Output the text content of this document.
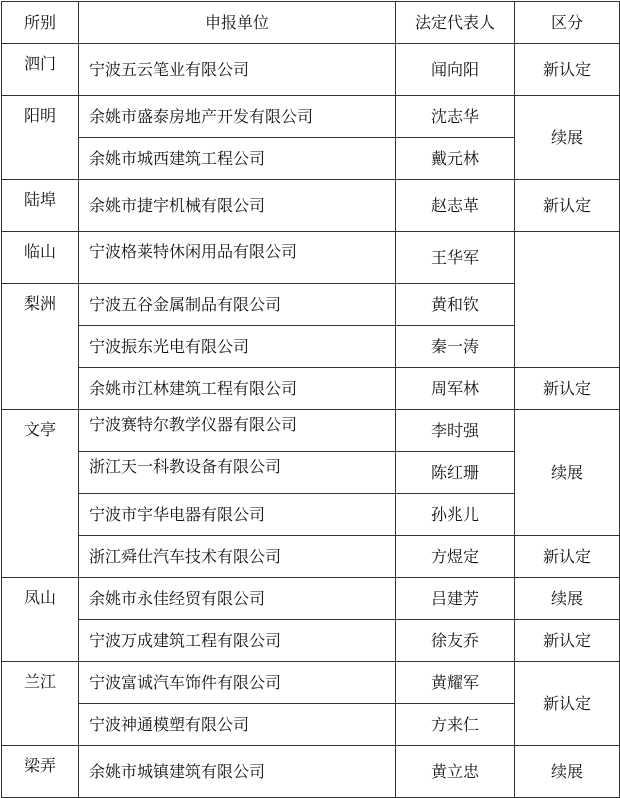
所别	申报单位	法定代表人	区分
泗门	宁波五云笔业有限公司	闻向阳	新认定
阳明	余姚市盛泰房地产开发有限公司	沈志华	续展
	余姚市城西建筑工程公司	戴元林	
陆埠	余姚市捷宇机械有限公司	赵志革	新认定
临山	宁波格莱特休闲用品有限公司	王华军	
梨洲	宁波五谷金属制品有限公司	黄和钦	
	宁波振东光电有限公司	秦一涛	
	余姚市江林建筑工程有限公司	周军林	新认定
文亭	宁波赛特尔教学仪器有限公司	李时强	续展
	浙江天一科教设备有限公司	陈红珊	
	宁波市宇华电器有限公司	孙兆儿	
	浙江舜仕汽车技术有限公司	方煜定	新认定
凤山	余姚市永佳经贸有限公司	吕建芳	续展
	宁波万成建筑工程有限公司	徐友乔	新认定
兰江	宁波富诚汽车饰件有限公司	黄耀军	新认定
	宁波神通模塑有限公司	方来仁	
梁弄	余姚市城镇建筑有限公司	黄立忠	续展
